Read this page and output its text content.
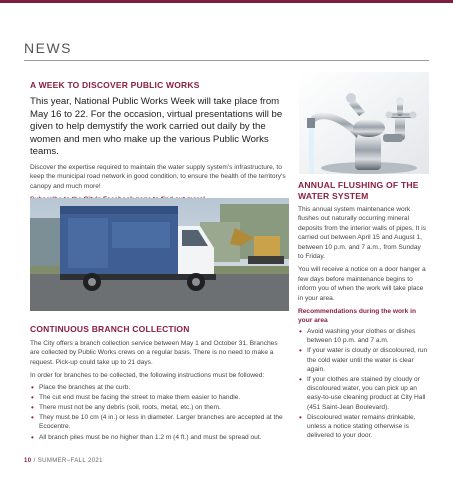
NEWS
A WEEK TO DISCOVER PUBLIC WORKS
This year, National Public Works Week will take place from May 16 to 22. For the occasion, virtual presentations will be given to help demystify the work carried out daily by the women and men who make up the various Public Works teams.
Discover the expertise required to maintain the water supply system's infrastructure, to keep the municipal road network in good condition, to ensure the health of the territory's canopy and much more!
CONTINUOUS BRANCH COLLECTION
The City offers a branch collection service between May 1 and October 31. Branches are collected by Public Works crews on a regular basis. There is no need to make a request. Pick-up could take up to 21 days.
In order for branches to be collected, the following instructions must be followed:
• Place the branches at the curb.
• The cut end must be facing the street to make them easier to handle.
• There must not be any debris (soil, roots, metal, etc.) on them.
• They must be 10 cm (4 in.) or less in diameter. Larger branches are accepted at the Ecocentre.
• All branch piles must be no higher than 1.2 m (4 ft.) and must be spread out.
ANNUAL FLUSHING OF THE WATER SYSTEM
This annual system maintenance work flushes out naturally occurring mineral deposits from the interior walls of pipes. It is carried out between April 15 and August 1, between 10 p.m. and 7 a.m., from Sunday to Friday.
You will receive a notice on a door hanger a few days before maintenance begins to inform you of when the work will take place in your area.
Recommendations during the work in your area
• Avoid washing your clothes or dishes between 10 p.m. and 7 a.m.
• If your water is cloudy or discoloured, run the cold water until the water is clear again.
• If your clothes are stained by cloudy or discoloured water, you can pick up an easy-to-use cleaning product at City Hall (451 Saint-Jean Boulevard).
• Discoloured water remains drinkable, unless a notice stating otherwise is delivered to your door.
10 / SUMMER–FALL 2021
